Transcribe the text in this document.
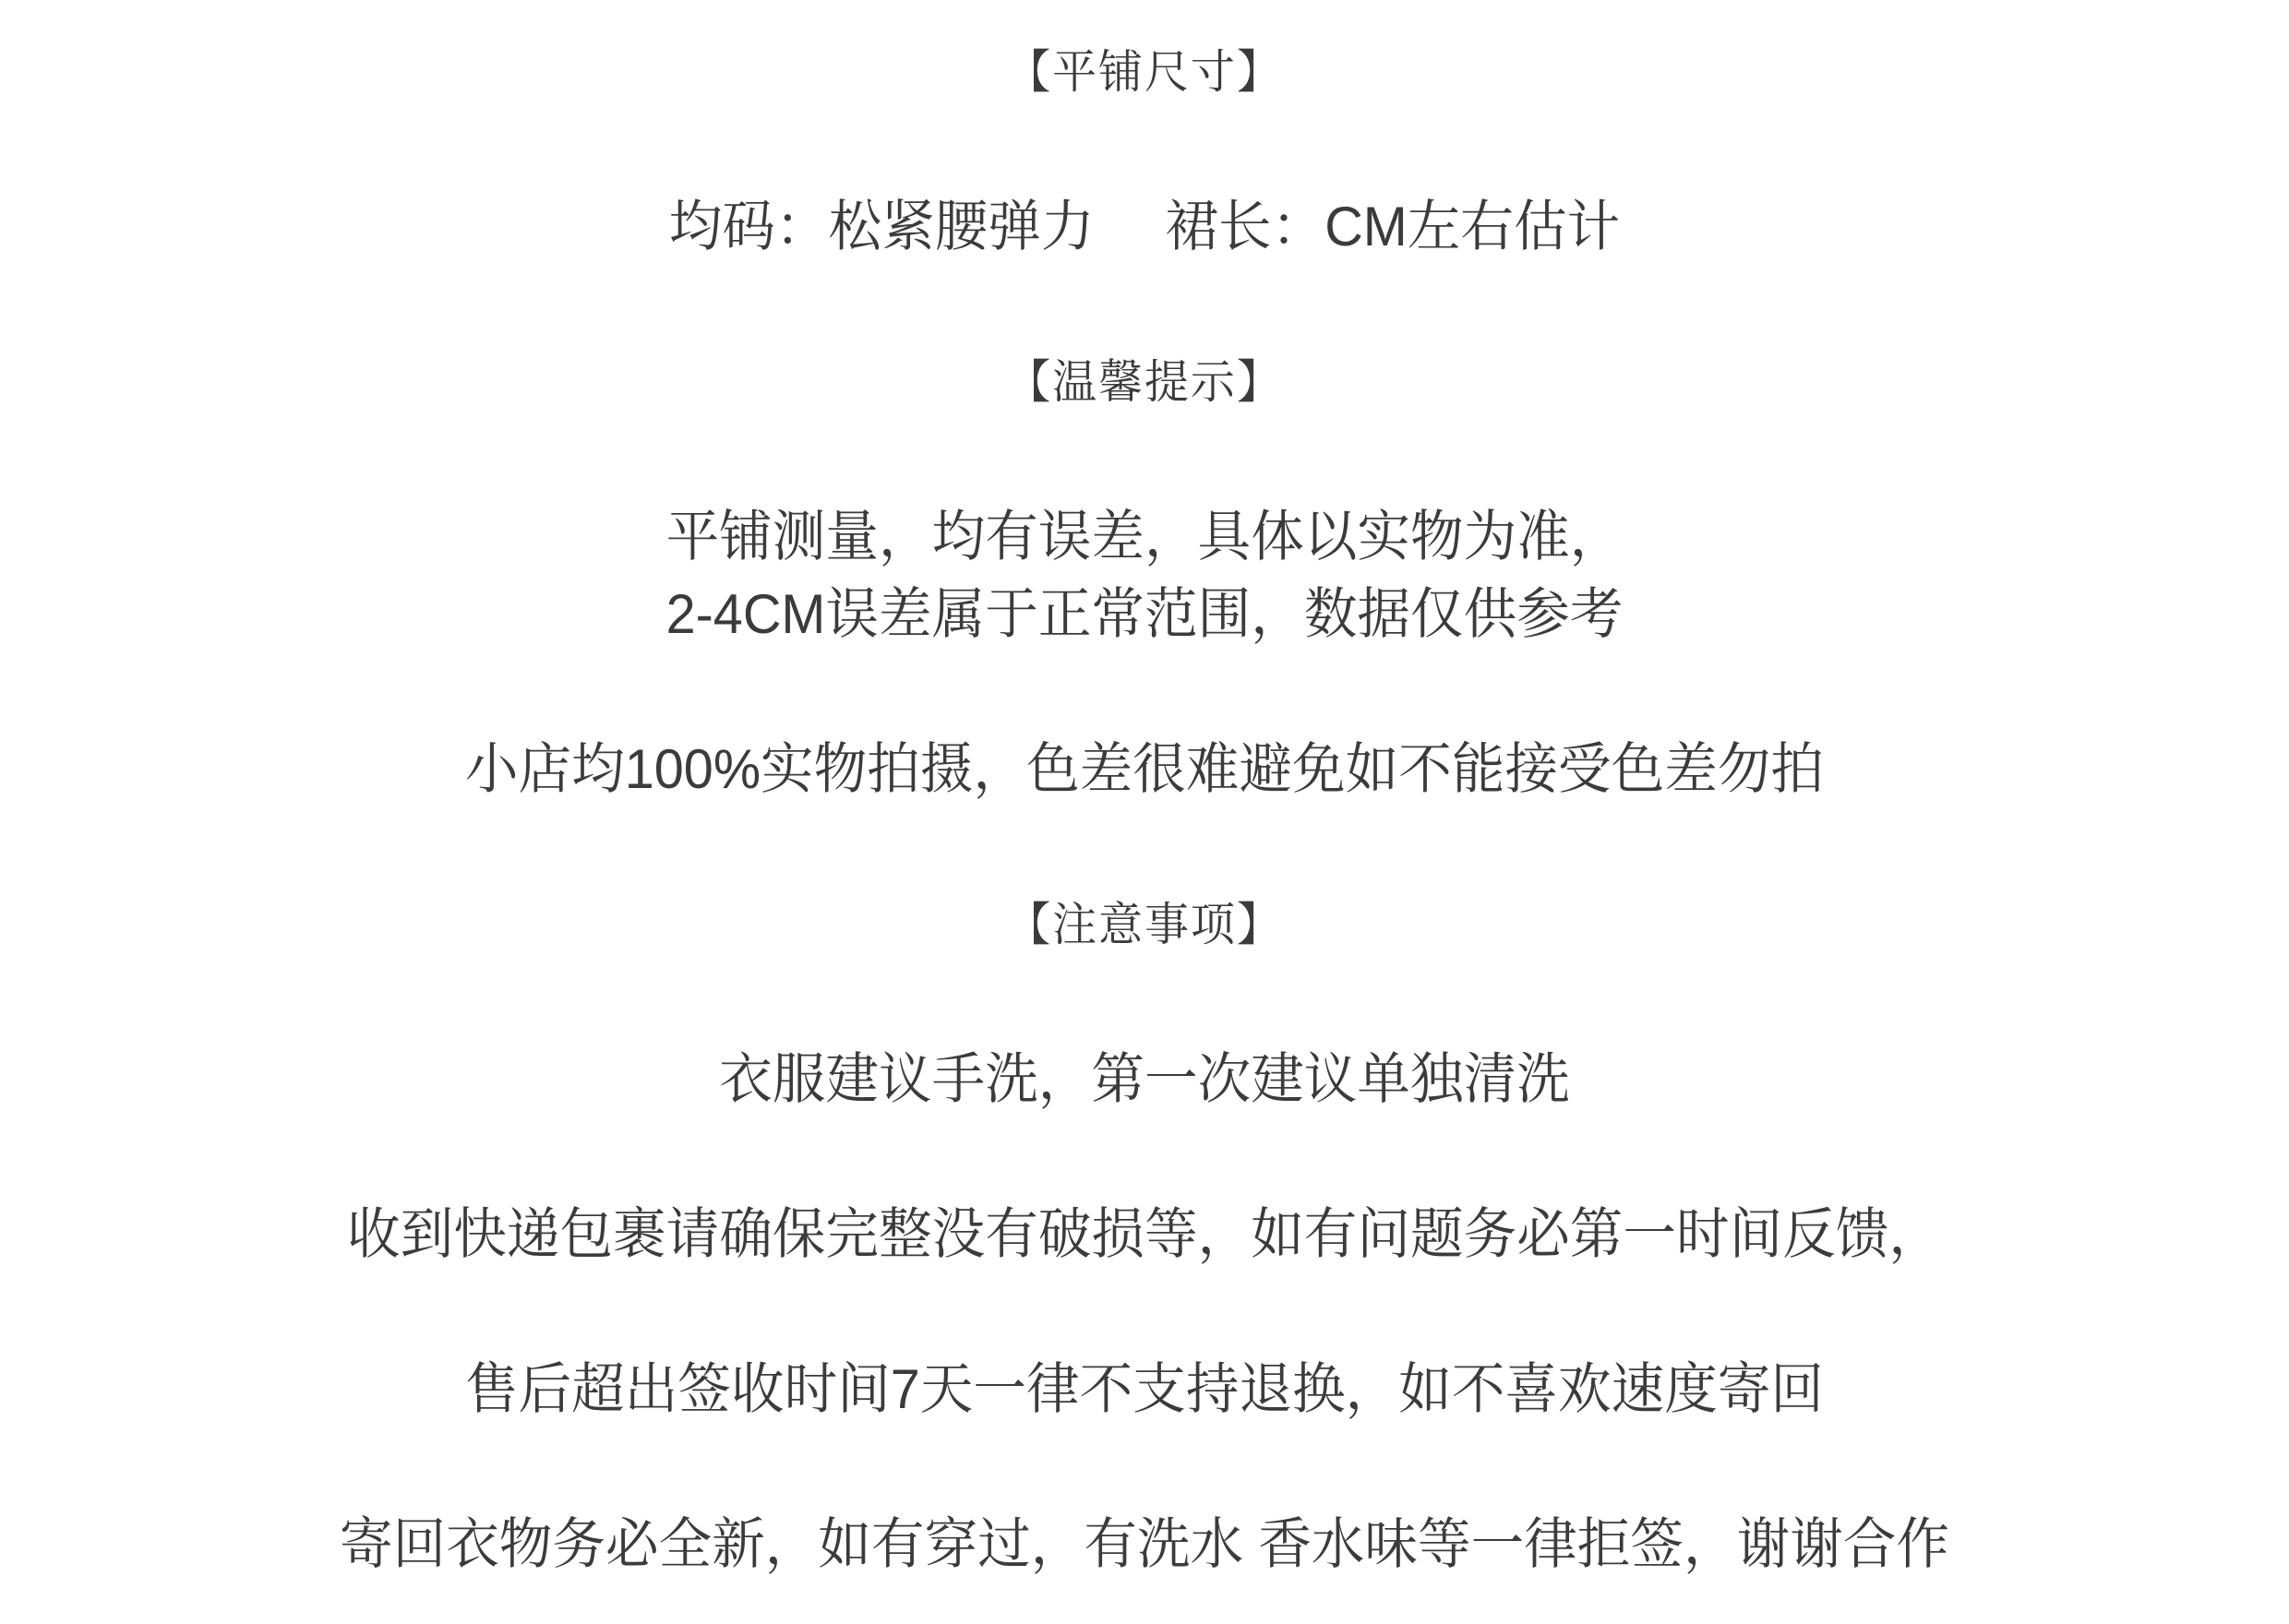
【平铺尺寸】
均码：松紧腰弹力 裙长：CM左右估计
【温馨提示】
平铺测量，均有误差，具体以实物为准，
2-4CM误差属于正常范围，数据仅供参考
小店均100%实物拍摄，色差很难避免如不能接受色差勿拍
【注意事项】
衣服建议手洗，第一次建议单独清洗
收到快递包裹请确保完整没有破损等，如有问题务必第一时间反馈，
售后超出签收时间7天一律不支持退换，如不喜欢速度寄回
寄回衣物务必全新，如有穿过，有洗水 香水味等一律拒签，谢谢合作
